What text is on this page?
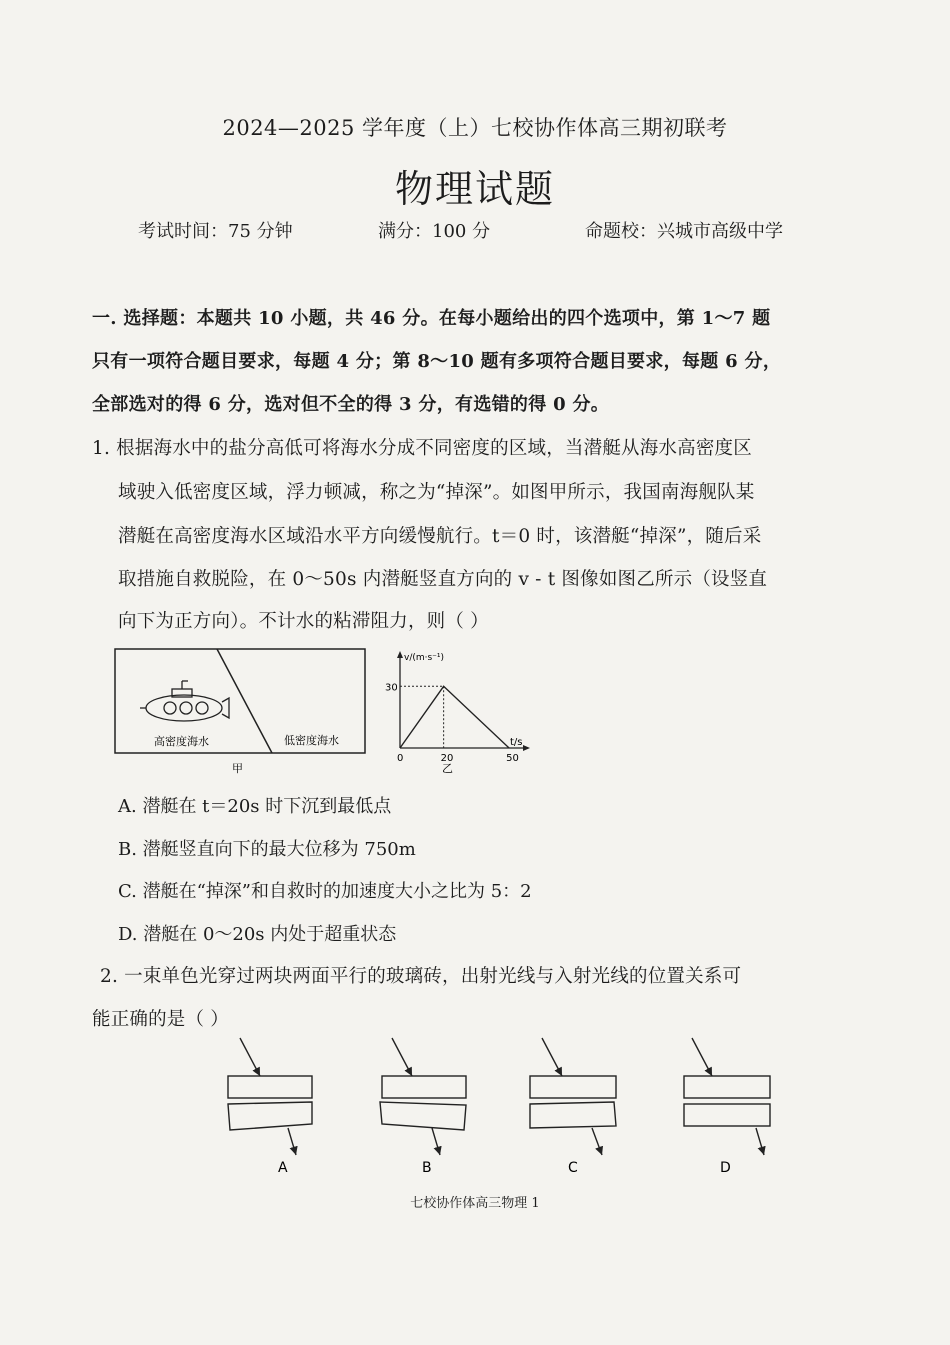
2024—2025 学年度（上）七校协作体高三期初联考
物理试题
考试时间：75 分钟	满分：100 分	命题校：兴城市高级中学
一. 选择题：本题共 10 小题，共 46 分。在每小题给出的四个选项中，第 1～7 题
只有一项符合题目要求，每题 4 分；第 8～10 题有多项符合题目要求，每题 6 分，
全部选对的得 6 分，选对但不全的得 3 分，有选错的得 0 分。
1. 根据海水中的盐分高低可将海水分成不同密度的区域，当潜艇从海水高密度区
域驶入低密度区域，浮力顿减，称之为“掉深”。如图甲所示，我国南海舰队某
潜艇在高密度海水区域沿水平方向缓慢航行。t＝0 时，该潜艇“掉深”，随后采
取措施自救脱险，在 0～50s 内潜艇竖直方向的 v - t 图像如图乙所示（设竖直
向下为正方向）。不计水的粘滞阻力，则（ ）
高密度海水	低密度海水
甲
v/(m·s⁻¹)
t/s
30
0	20	50
乙
A. 潜艇在 t＝20s 时下沉到最低点
B. 潜艇竖直向下的最大位移为 750m
C. 潜艇在“掉深”和自救时的加速度大小之比为 5：2
D. 潜艇在 0～20s 内处于超重状态
2. 一束单色光穿过两块两面平行的玻璃砖，出射光线与入射光线的位置关系可
能正确的是（ ）
A	B	C	D
七校协作体高三物理 1
